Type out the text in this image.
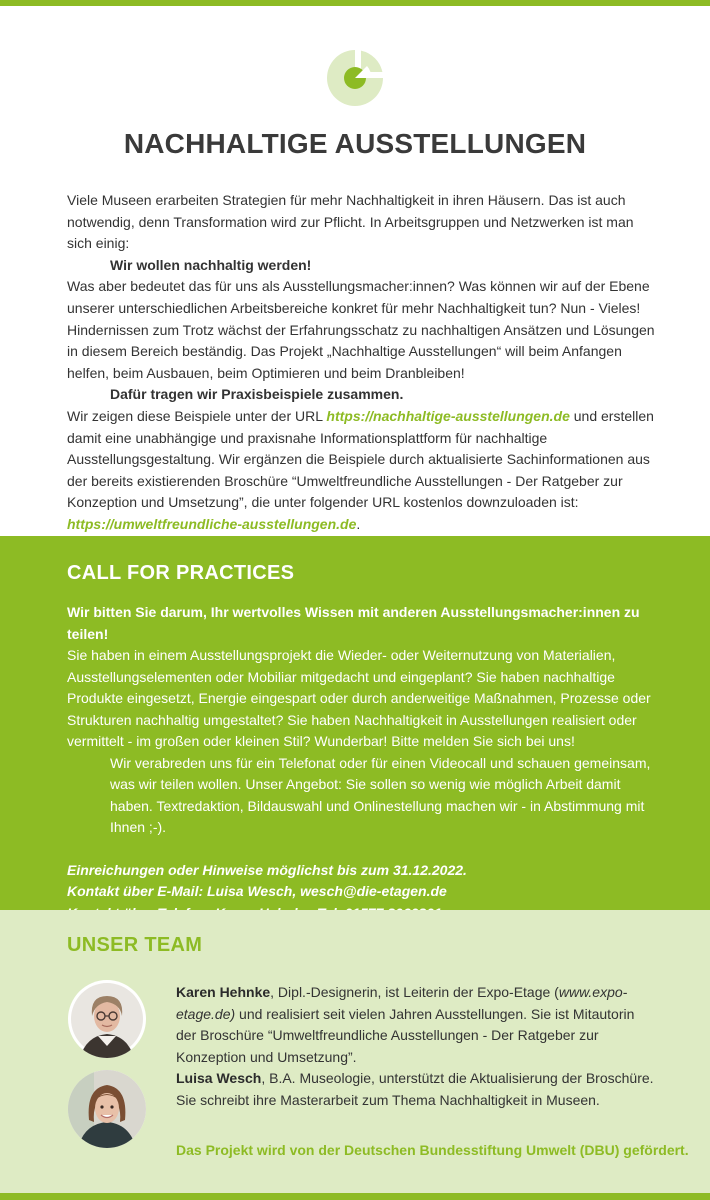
NACHHALTIGE AUSSTELLUNGEN

Viele Museen erarbeiten Strategien für mehr Nachhaltigkeit in ihren Häusern. Das ist auch notwendig, denn Transformation wird zur Pflicht. In Arbeitsgruppen und Netzwerken ist man sich einig:

Wir wollen nachhaltig werden!

Was aber bedeutet das für uns als Ausstellungsmacher:innen? Was können wir auf der Ebene unserer unterschiedlichen Arbeitsbereiche konkret für mehr Nachhaltigkeit tun? Nun - Vieles! Hindernissen zum Trotz wächst der Erfahrungsschatz zu nachhaltigen Ansätzen und Lösungen in diesem Bereich beständig. Das Projekt „Nachhaltige Ausstellungen“ will beim Anfangen helfen, beim Ausbauen, beim Optimieren und beim Dranbleiben!

Dafür tragen wir Praxisbeispiele zusammen.

Wir zeigen diese Beispiele unter der URL https://nachhaltige-ausstellungen.de und erstellen damit eine unabhängige und praxisnahe Informationsplattform für nachhaltige Ausstellungsgestaltung. Wir ergänzen die Beispiele durch aktualisierte Sachinformationen aus der bereits existierenden Broschüre “Umweltfreundliche Ausstellungen - Der Ratgeber zur Konzeption und Umsetzung”, die unter folgender URL kostenlos downzuloaden ist: https://umweltfreundliche-ausstellungen.de.

CALL FOR PRACTICES

Wir bitten Sie darum, Ihr wertvolles Wissen mit anderen Ausstellungsmacher:innen zu teilen!

Sie haben in einem Ausstellungsprojekt die Wieder- oder Weiternutzung von Materialien, Ausstellungselementen oder Mobiliar mitgedacht und eingeplant? Sie haben nachhaltige Produkte eingesetzt, Energie eingespart oder durch anderweitige Maßnahmen, Prozesse oder Strukturen nachhaltig umgestaltet? Sie haben Nachhaltigkeit in Ausstellungen realisiert oder vermittelt - im großen oder kleinen Stil? Wunderbar! Bitte melden Sie sich bei uns!

Wir verabreden uns für ein Telefonat oder für einen Videocall und schauen gemeinsam, was wir teilen wollen. Unser Angebot: Sie sollen so wenig wie möglich Arbeit damit haben. Textredaktion, Bildauswahl und Onlinestellung machen wir - in Abstimmung mit Ihnen ;-).

Einreichungen oder Hinweise möglichst bis zum 31.12.2022.
Kontakt über E-Mail: Luisa Wesch, wesch@die-etagen.de

UNSER TEAM

Karen Hehnke, Dipl.-Designerin, ist Leiterin der Expo-Etage (www.expo-etage.de) und realisiert seit vielen Jahren Ausstellungen. Sie ist Mitautorin der Broschüre “Umweltfreundliche Ausstellungen - Der Ratgeber zur Konzeption und Umsetzung”.

Luisa Wesch, B.A. Museologie, unterstützt die Aktualisierung der Broschüre. Sie schreibt ihre Masterarbeit zum Thema Nachhaltigkeit in Museen.

Das Projekt wird von der Deutschen Bundesstiftung Umwelt (DBU) gefördert.
